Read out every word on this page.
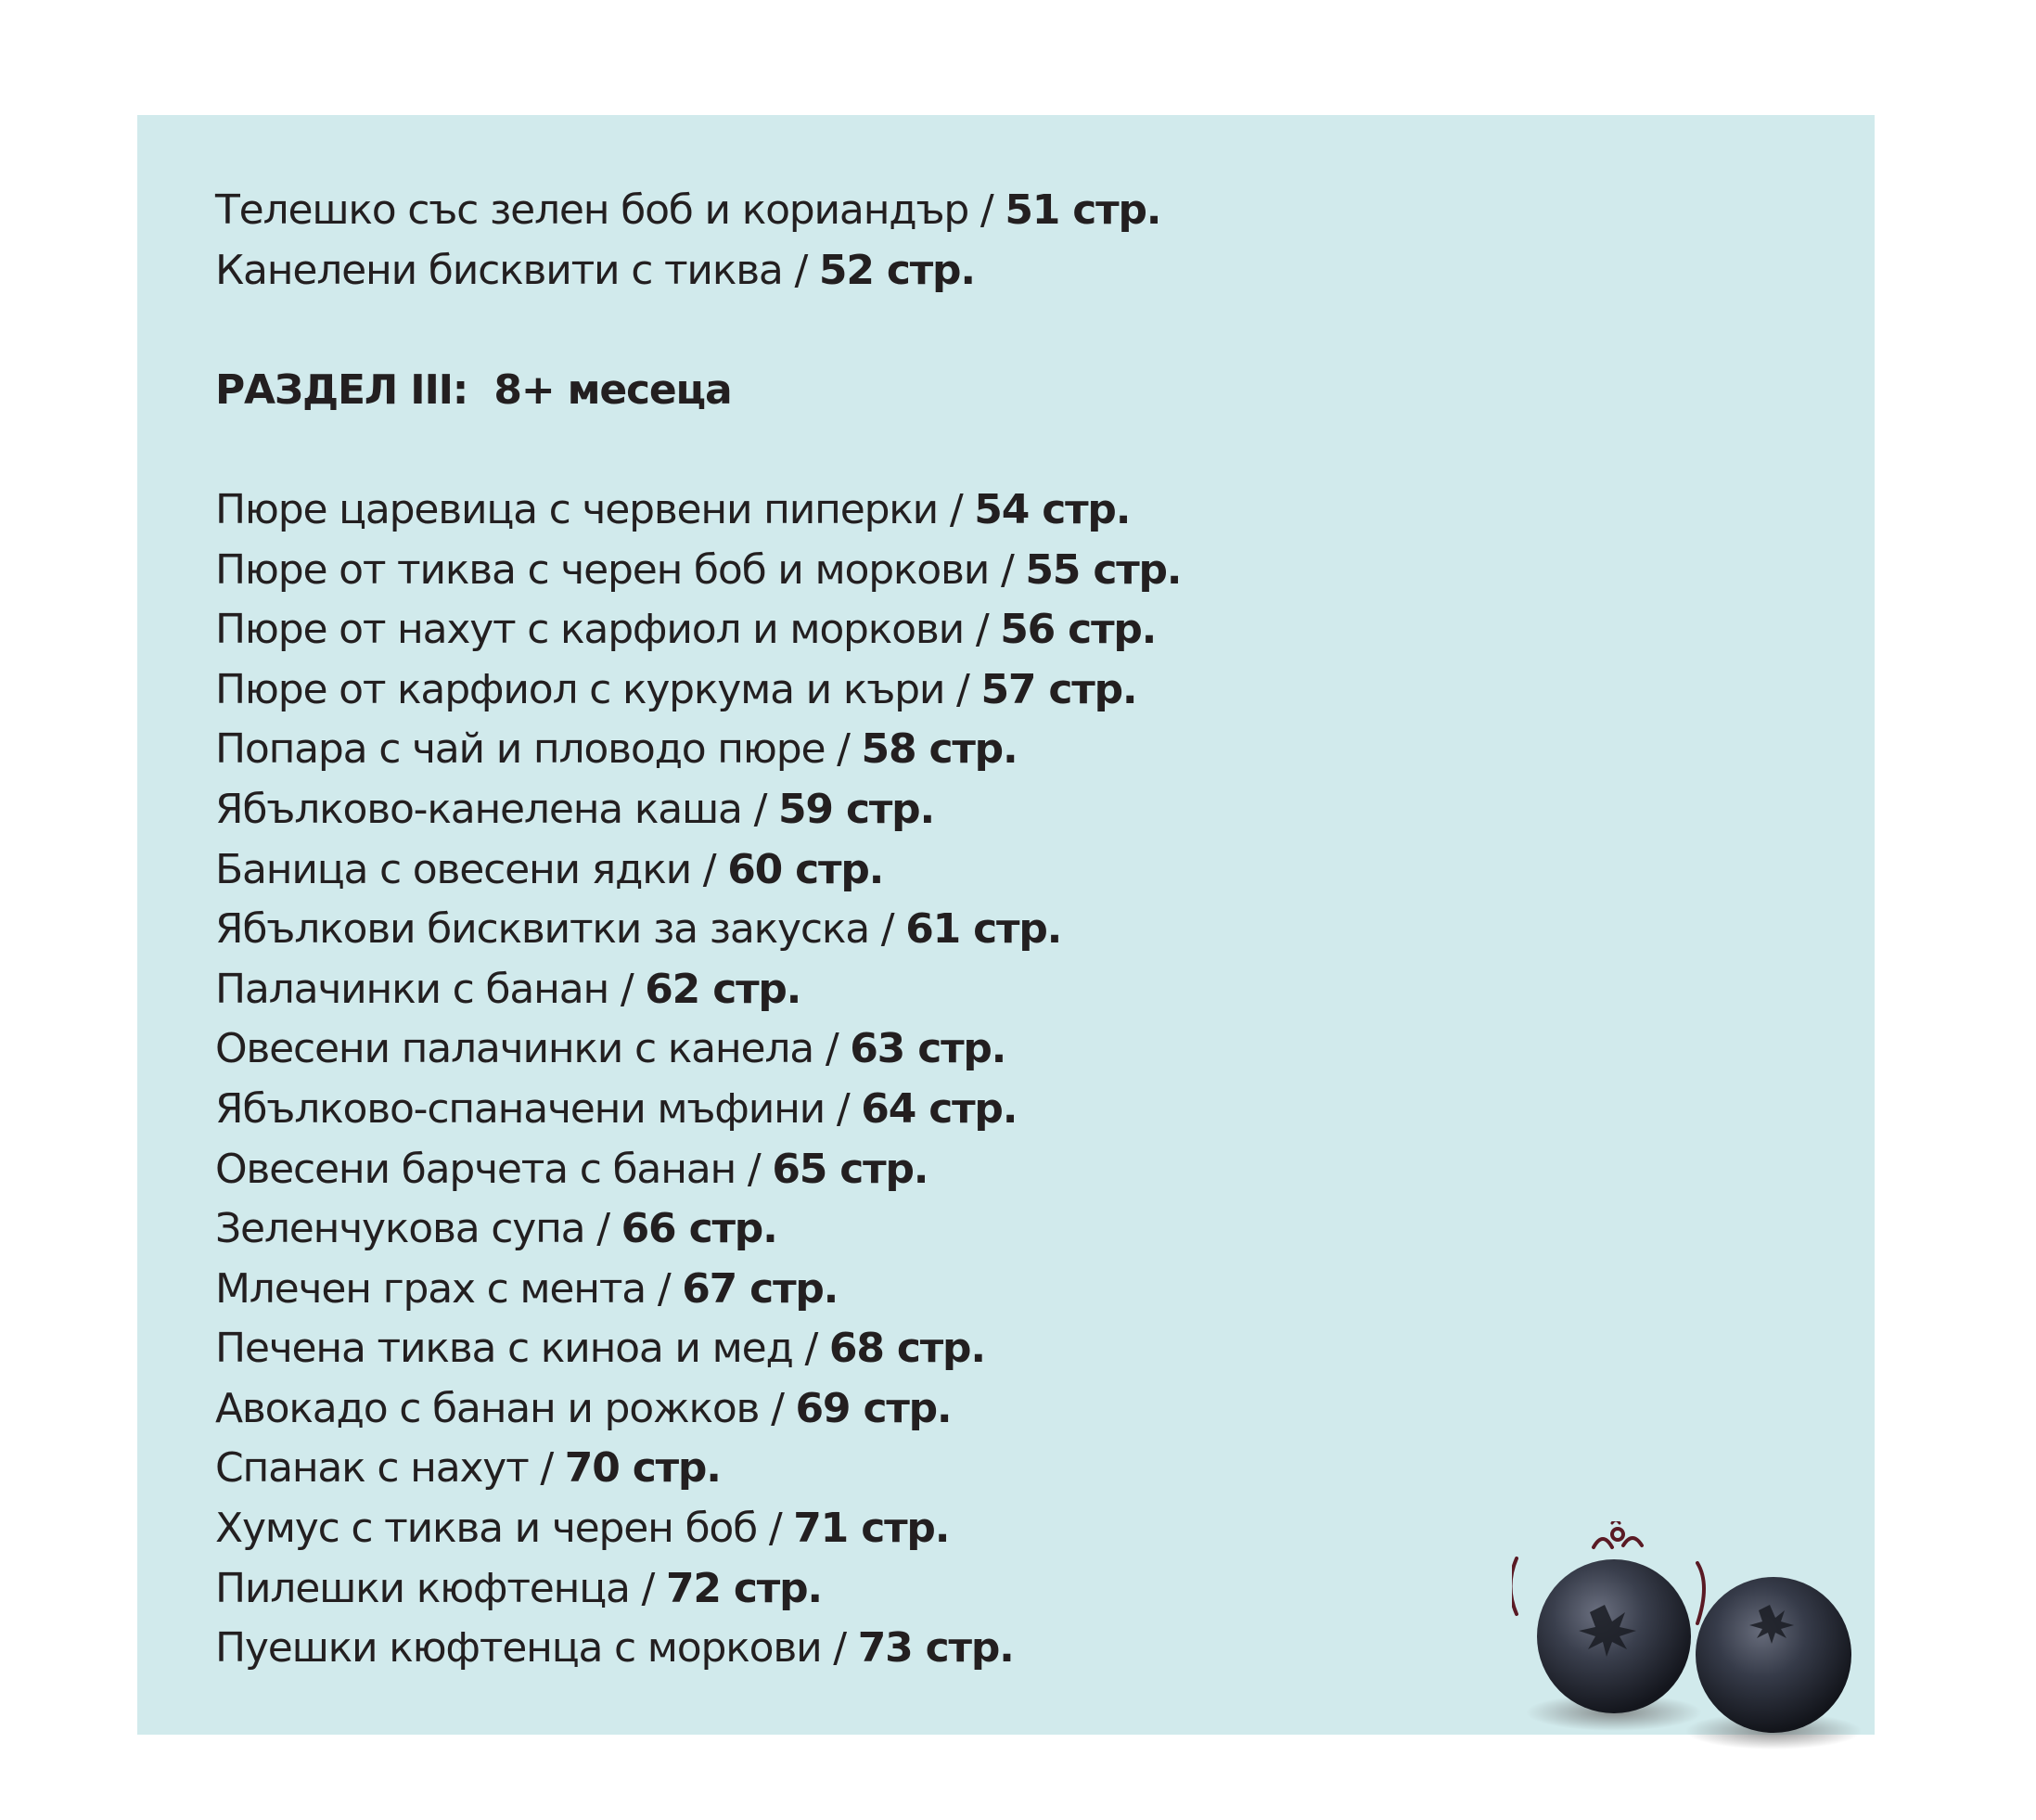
Телешко със зелен боб и кориандър / 51 стр.
Канелени бисквити с тиква / 52 стр.
РАЗДЕЛ III:  8+ месеца
Пюре царевица с червени пиперки / 54 стр.
Пюре от тиква с черен боб и моркови / 55 стр.
Пюре от нахут с карфиол и моркови / 56 стр.
Пюре от карфиол с куркума и къри / 57 стр.
Попара с чай и пловодо пюре / 58 стр.
Ябълково-канелена каша / 59 стр.
Баница с овесени ядки / 60 стр.
Ябълкови бисквитки за закуска / 61 стр.
Палачинки с банан / 62 стр.
Овесени палачинки с канела / 63 стр.
Ябълково-спаначени мъфини / 64 стр.
Овесени барчета с банан / 65 стр.
Зеленчукова супа / 66 стр.
Млечен грах с мента / 67 стр.
Печена тиква с киноа и мед / 68 стр.
Авокадо с банан и рожков / 69 стр.
Спанак с нахут / 70 стр.
Хумус с тиква и черен боб / 71 стр.
Пилешки кюфтенца / 72 стр.
Пуешки кюфтенца с моркови / 73 стр.
